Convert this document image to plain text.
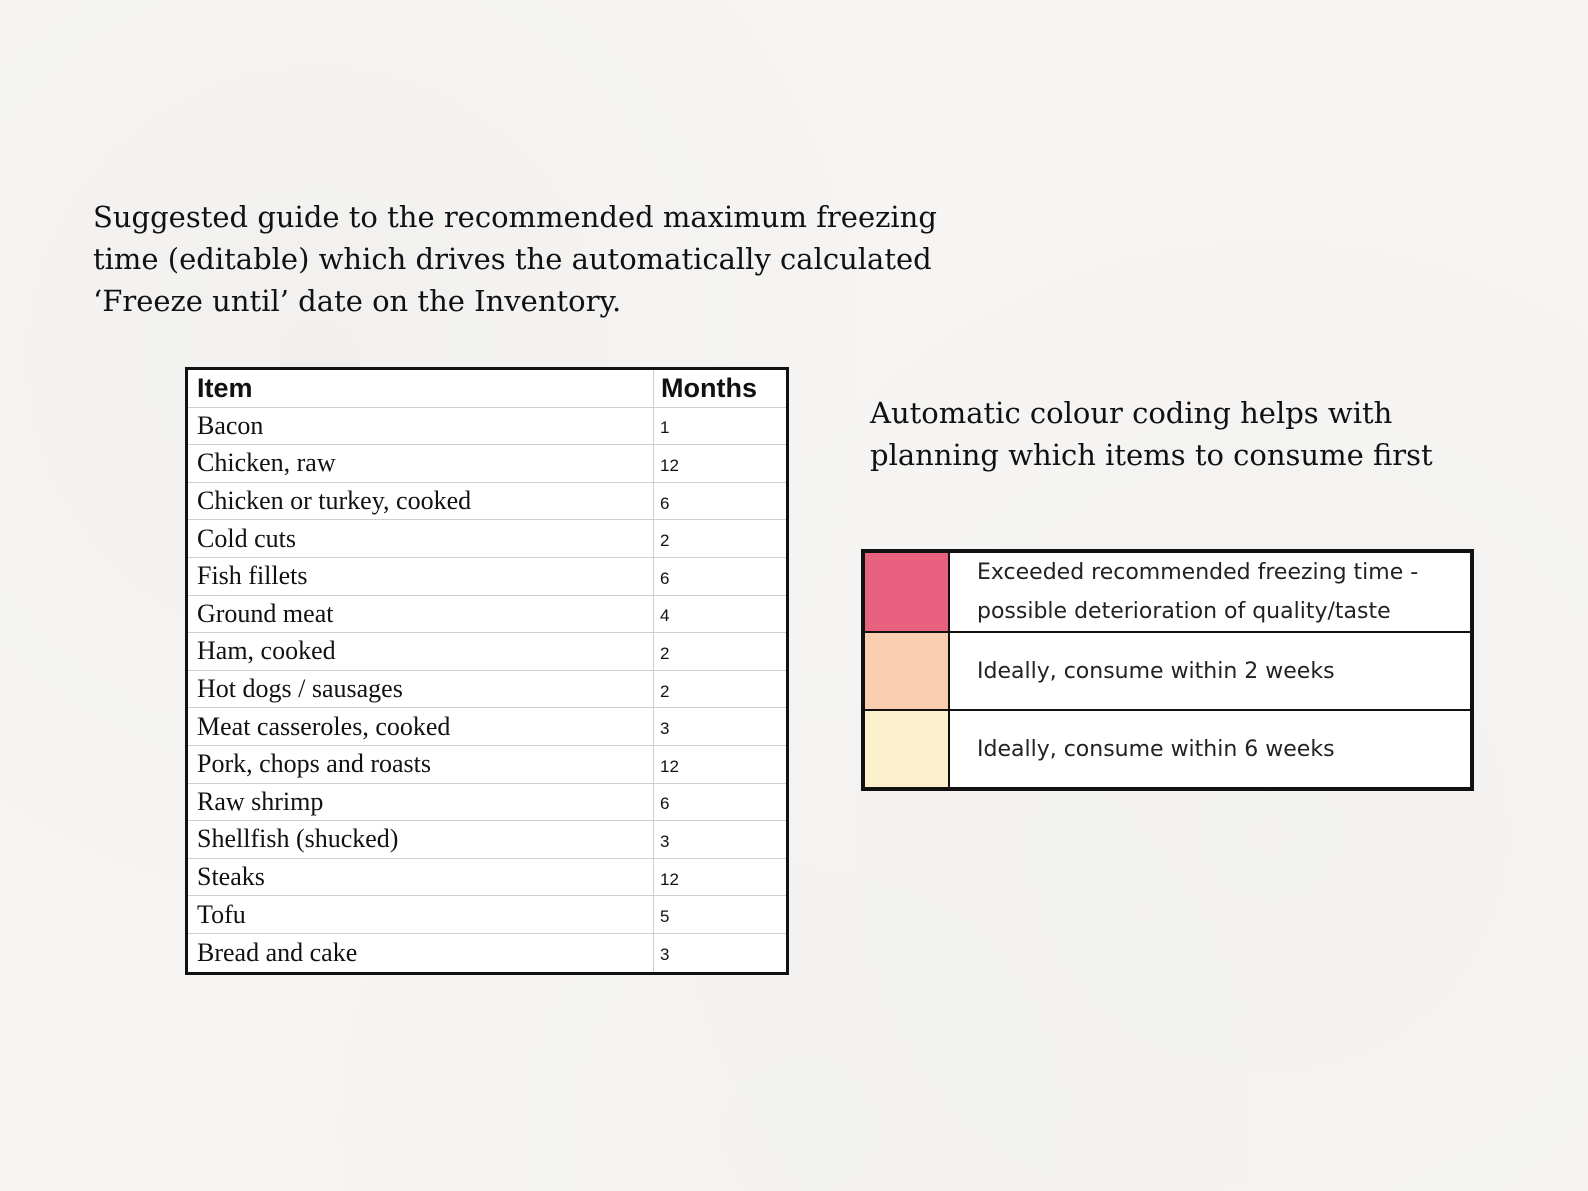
Suggested guide to the recommended maximum freezing
time (editable) which drives the automatically calculated
‘Freeze until’ date on the Inventory.

Item	Months
Bacon	1
Chicken, raw	12
Chicken or turkey, cooked	6
Cold cuts	2
Fish fillets	6
Ground meat	4
Ham, cooked	2
Hot dogs / sausages	2
Meat casseroles, cooked	3
Pork, chops and roasts	12
Raw shrimp	6
Shellfish (shucked)	3
Steaks	12
Tofu	5
Bread and cake	3

Automatic colour coding helps with
planning which items to consume first

Exceeded recommended freezing time -
possible deterioration of quality/taste
Ideally, consume within 2 weeks
Ideally, consume within 6 weeks
